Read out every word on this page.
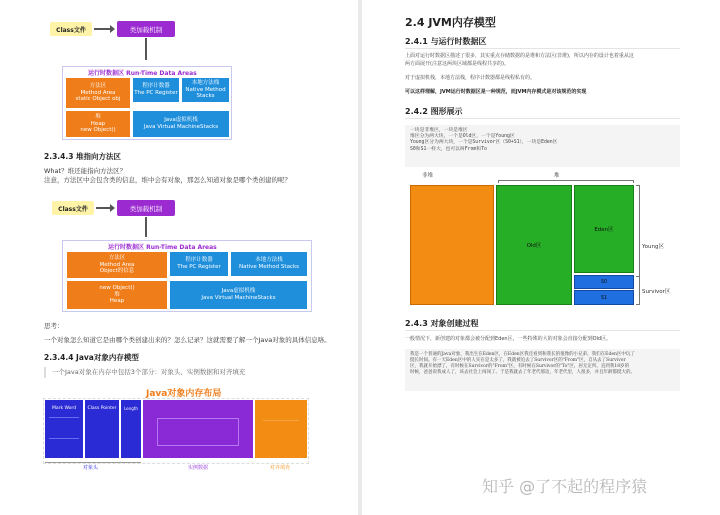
Class文件	类加载机制
运行时数据区 Run-Time Data Areas
方法区
Method Area
static Object obj
程序计数器
The PC Register
本地方法栈
Native Method Stacks
堆
Heap
new Object()
Java虚拟机栈
Java Virtual MachineStacks
2.3.4.3 堆指向方法区
What？堆还能指向方法区？
注意，方法区中会包含类的信息，堆中会有对象，那怎么知道对象是哪个类创建的呢？
Class文件	类加载机制
运行时数据区 Run-Time Data Areas
方法区
Method Area
Object的信息
程序计数器
The PC Register
本地方法栈
Native Method Stacks
new Object()
堆
Heap
Java虚拟机栈
Java Virtual MachineStacks
思考：
一个对象怎么知道它是由哪个类创建出来的？怎么记录？这就需要了解一个Java对象的具体信息咯。
2.3.4.4 Java对象内存模型
一个Java对象在内存中包括3个部分：对象头、实例数据和对齐填充
Java对象内存布局
Mark Word	Class Pointer	Length
对象头	实例数据	对齐填充
2.4 JVM内存模型
2.4.1 与运行时数据区
上面对运行时数据区描述了很多，其实重点存储数据的是堆和方法区(非堆)，所以内存的设计也着重从这
两方面展开(注意这两块区域都是线程共享的)。
对于虚拟机栈，本地方法栈，程序计数器都是线程私有的。
可以这样理解，JVM运行时数据区是一种规范，而JVM内存模式是对该规范的实现
2.4.2 图形展示
一块是非堆区，一块是堆区
堆区分为两大块，一个是Old区，一个是Young区
Young区分为两大块，一个是Survivor区（S0+S1），一块是Eden区
S0和S1一样大，也可以叫From和To
非堆	堆
Old区
Eden区
S0
S1
Young区
Survivor区
2.4.3 对象创建过程
一般情况下，新创建的对象都会被分配到Eden区，一些特殊的大的对象会直接分配到Old区。
我是一个普通的Java对象，我出生在Eden区，在Eden区我还看到和我长的很像的小兄弟，我们在Eden区中玩了
挺长时间。有一天Eden区中的人实在是太多了，我就被迫去了Survivor区的"From"区，自从去了Survivor
区，我就开始漂了，有时候在Survivor的"From"区，有时候在Survivor的"To"区，居无定所。直到我18岁的
时候，爸爸说我成人了，该去社会上闯闯了。于是我就去了年老代那边，年老代里，人很多，并且年龄都挺大的。
知乎 @了不起的程序猿
